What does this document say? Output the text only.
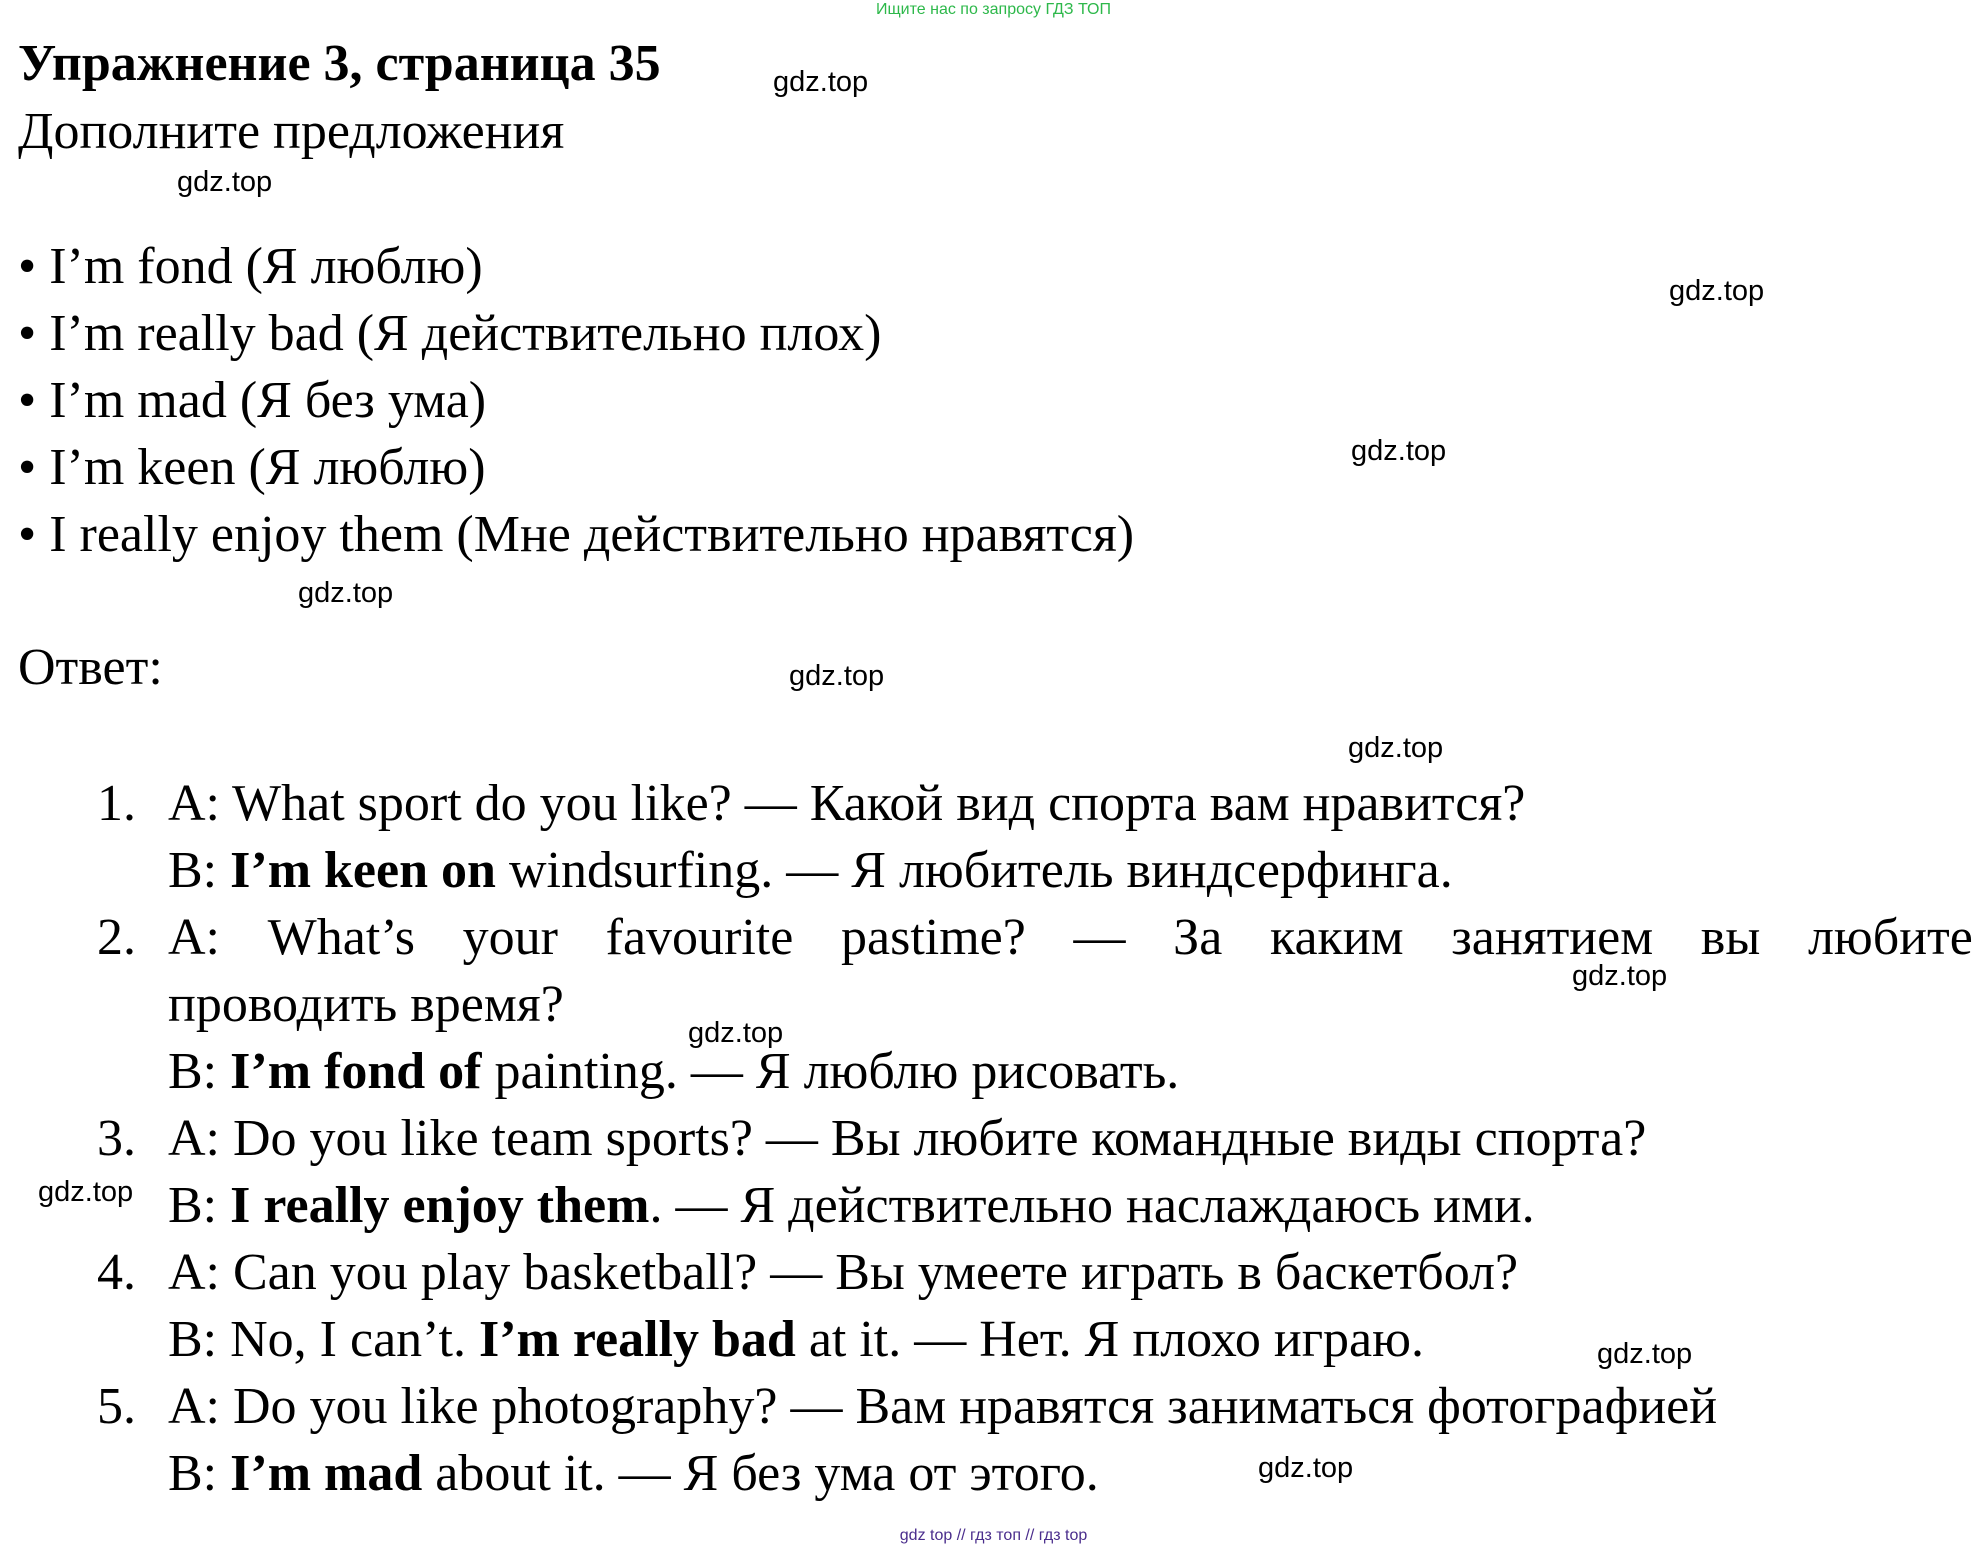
Ищите нас по запросу ГДЗ ТОП
Упражнение 3, страница 35	gdz.top
Дополните предложения
gdz.top
• I’m fond (Я люблю)
• I’m really bad (Я действительно плох)
• I’m mad (Я без ума)
• I’m keen (Я люблю)
• I really enjoy them (Мне действительно нравятся)
gdz.top
gdz.top
gdz.top
Ответ:	gdz.top
gdz.top
1. A: What sport do you like? — Какой вид спорта вам нравится?
B: I’m keen on windsurfing. — Я любитель виндсерфинга.
2. A: What’s your favourite pastime? — За каким занятием вы любите
gdz.top
проводить время?	gdz.top
B: I’m fond of painting. — Я люблю рисовать.
3. A: Do you like team sports? — Вы любите командные виды спорта?
gdz.top B: I really enjoy them. — Я действительно наслаждаюсь ими.
4. A: Can you play basketball? — Вы умеете играть в баскетбол?
B: No, I can’t. I’m really bad at it. — Нет. Я плохо играю.	gdz.top
5. A: Do you like photography? — Вам нравятся заниматься фотографией
B: I’m mad about it. — Я без ума от этого.	gdz.top
gdz top // гдз топ // гдз top
